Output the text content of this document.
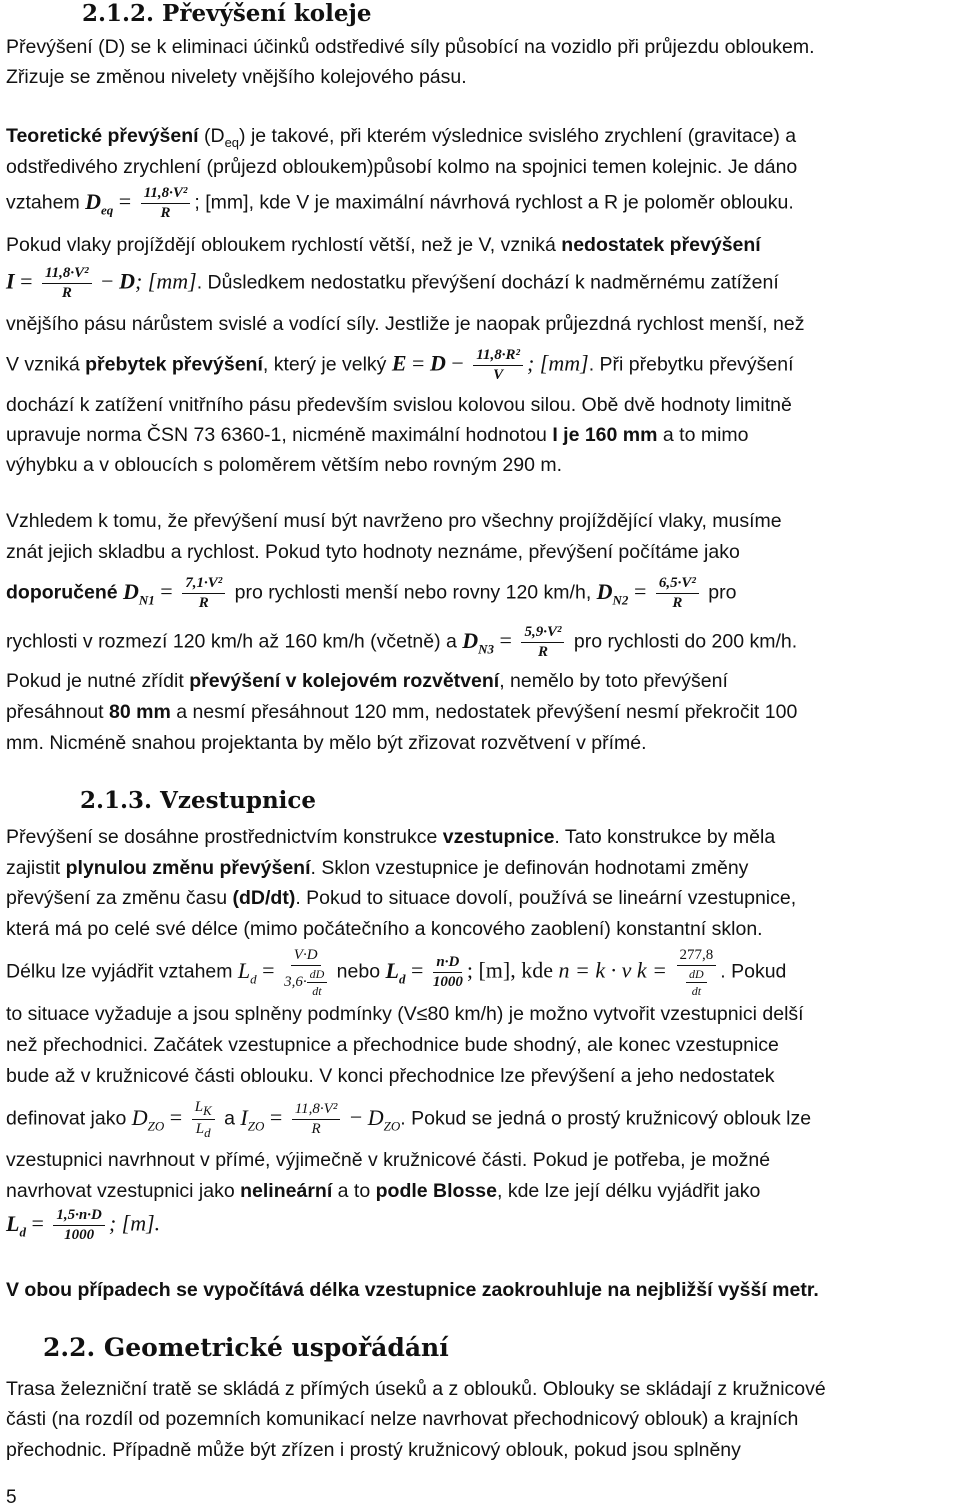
2.1.2. Převýšení koleje
Převýšení (D) se k eliminaci účinků odstředivé síly působící na vozidlo při průjezdu obloukem.
Zřizuje se změnou nivelety vnějšího kolejového pásu.
Teoretické převýšení $(D_{eq})$ je takové, při kterém výslednice svislého zrychlení (gravitace) a
odstředivého zrychlení (průjezd obloukem)působí kolmo na spojnici temen kolejnic. Je dáno
vztahem $D_{eq} = \frac{\text{11,8·V²}}{R}$ ; [mm], kde V je maximální návrhová rychlost a R je poloměr oblouku.
Pokud vlaky projíždějí obloukem rychlostí větší, než je V, vzniká nedostatek převýšení
$I = \frac{\text{11,8·V²}}{R} - D$; [mm]. Důsledkem nedostatku převýšení dochází k nadměrnému zatížení
vnějšího pásu nárůstem svislé a vodící síly. Jestliže je naopak průjezdná rychlost menší, než
V vzniká přebytek převýšení, který je velký $E = D - \frac{\text{11,8·R²}}{V}$ ; [mm]. Při přebytku převýšení
dochází k zatížení vnitřního pásu především svislou kolovou silou. Obě dvě hodnoty limitně
upravuje norma ČSN 73 6360-1, nicméně maximální hodnotou I je 160 mm a to mimo
výhybku a v obloucích s poloměrem větším nebo rovným 290 m.
Vzhledem k tomu, že převýšení musí být navrženo pro všechny projíždějící vlaky, musíme
znát jejich skladbu a rychlost. Pokud tyto hodnoty neznáme, převýšení počítáme jako
doporučené $D_{N1} = \frac{\text{7,1·V²}}{R}$ pro rychlosti menší nebo rovny 120 km/h, $D_{N2} = \frac{\text{6,5·V²}}{R}$ pro
rychlosti v rozmezí 120 km/h až 160 km/h (včetně) a $D_{N3} = \frac{\text{5,9·V²}}{R}$ pro rychlosti do 200 km/h.
Pokud je nutné zřídit převýšení v kolejovém rozvětvení, nemělo by toto převýšení
přesáhnout 80 mm a nesmí přesáhnout 120 mm, nedostatek převýšení nesmí překročit 100
mm. Nicméně snahou projektanta by mělo být zřizovat rozvětvení v přímé.
2.1.3. Vzestupnice
Převýšení se dosáhne prostřednictvím konstrukce vzestupnice. Tato konstrukce by měla
zajistit plynulou změnu převýšení. Sklon vzestupnice je definován hodnotami změny
převýšení za změnu času (dD/dt). Pokud to situace dovolí, používá se lineární vzestupnice,
která má po celé své délce (mimo počátečního a koncového zaoblení) konstantní sklon.
Délku lze vyjádřit vztahem $L_d = \frac{V\cdot D}{3,6\cdot \frac{dD}{dt}}$ nebo $L_d = \frac{n\cdot D}{1000}$ ; [m], kde n = k · v $k = \frac{277,8}{\frac{dD}{dt}}$ . Pokud
to situace vyžaduje a jsou splněny podmínky (V≤80 km/h) je možno vytvořit vzestupnici delší
než přechodnici. Začátek vzestupnice a přechodnice bude shodný, ale konec vzestupnice
bude až v kružnicové části oblouku. V konci přechodnice lze převýšení a jeho nedostatek
definovat jako $D_{ZO} = \frac{L_K}{L_d}$ a $I_{ZO} = \frac{\text{11,8·V²}}{R} - D_{ZO}$. Pokud se jedná o prostý kružnicový oblouk lze
vzestupnici navrhnout v přímé, výjimečně v kružnicové části. Pokud je potřeba, je možné
navrhovat vzestupnici jako nelineární a to podle Blosse, kde lze její délku vyjádřit jako
$L_d = \frac{1,5\cdot n\cdot D}{1000}$ ; [m].
V obou případech se vypočítává délka vzestupnice zaokrouhluje na nejbližší vyšší metr.
2.2. Geometrické uspořádání
Trasa železniční tratě se skládá z přímých úseků a z oblouků. Oblouky se skládají z kružnicové
části (na rozdíl od pozemních komunikací nelze navrhovat přechodnicový oblouk) a krajních
přechodnic. Případně může být zřízen i prostý kružnicový oblouk, pokud jsou splněny
5
